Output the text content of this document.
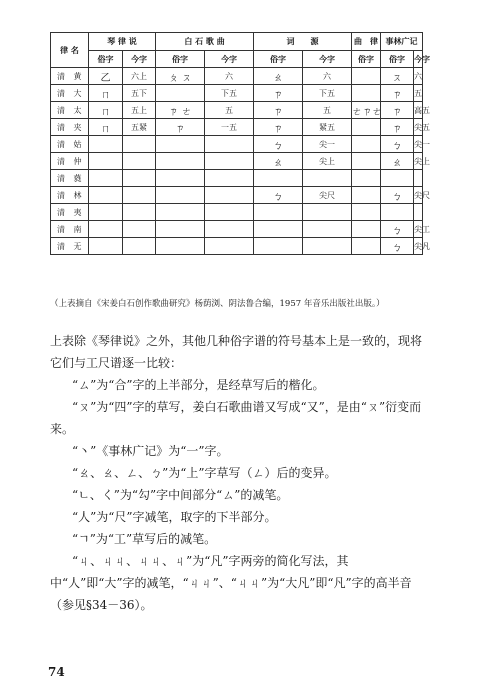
律 名	琴 律 说		白 石 歌 曲		词　　源		曲　律	事林广记		
	俗字	今字	俗字	今字	俗字	今字	俗字	俗字	今字	
清 黄	乙	六上	ㄆ ㄡ	六	ㄠ	六		ㄡ	六	
清 大	ㄇ	五下		下五	ㄗ	下五		ㄗ	五	
清 太	ㄇ	五上	ㄗ ㄜ	五	ㄗ	五	ㄜㄗㄜ	ㄗ	高五	
清 夹	ㄇ	五紧	ㄗ	一五	ㄗ	紧五		ㄗ	尖五	
清 姑					ㄅ	尖一		ㄅ	尖一	
清 仲					ㄠ	尖上		ㄠ	尖上	
清 蕤										
清 林					ㄅ	尖尺		ㄅ	尖尺	
清 夷										
清 南								ㄅ	尖工	
清 无								ㄅ	尖凡	
（上表摘自《宋姜白石创作歌曲研究》杨荫浏、阴法鲁合编，1957 年音乐出版社出版。）

上表除《琴律说》之外，其他几种俗字谱的符号基本上是一致的，现将它们与工尺谱逐一比较：

“ㄙ”为“合”字的上半部分，是经草写后的楷化。

“ㄡ”为“四”字的草写，姜白石歌曲谱又写成“又”，是由“ㄡ”衍变而来。

“丶”《事林广记》为“一”字。

“ㄠ、ㄠ、ㄥ、ㄅ”为“上”字草写（ㄥ）后的变异。

“ㄴ、く”为“勾”字中间部分“ㄙ”的减笔。

“人”为“尺”字减笔，取字的下半部分。

“ㄱ”为“工”草写后的减笔。

“ㄐ、ㄐㄐ、ㄐㄐ、ㄐ”为“凡”字两旁的简化写法，其中“人”即“大”字的减笔，“ㄐㄐ”、“ㄐㄐ”为“大凡”即“凡”字的高半音（参见§34－36）。

74
